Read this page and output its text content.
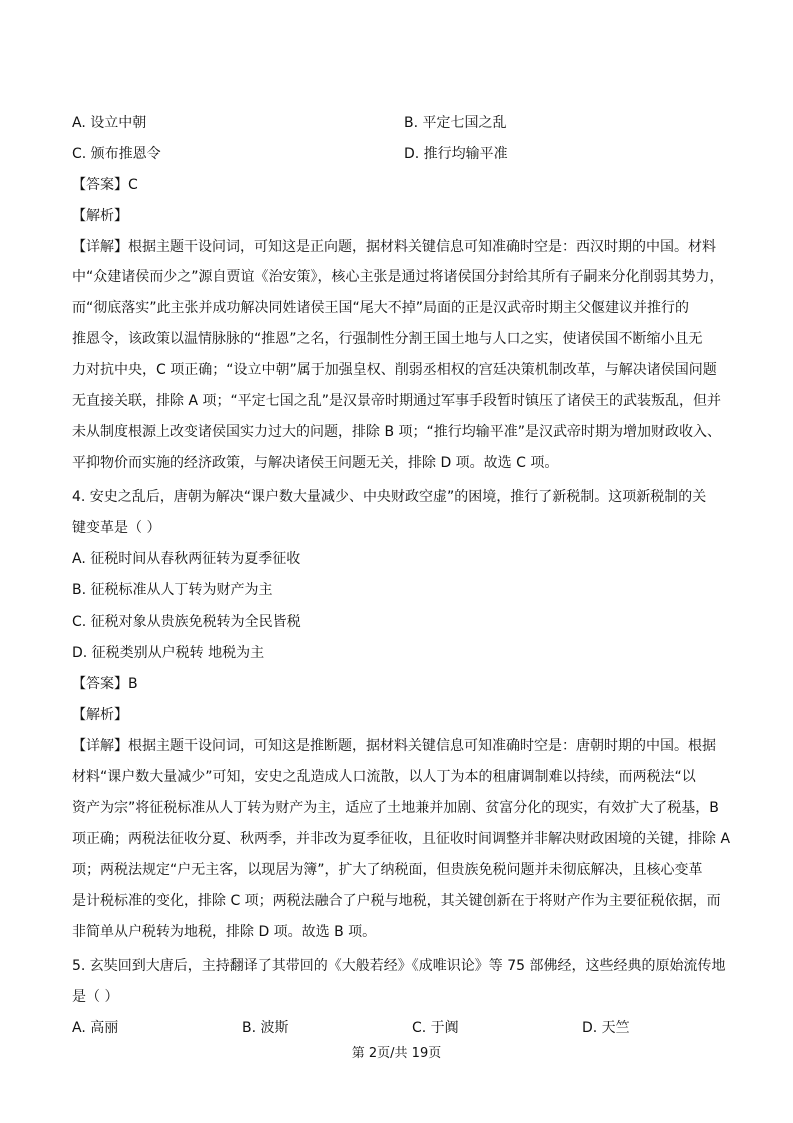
A. 设立中朝	B. 平定七国之乱
C. 颁布推恩令	D. 推行均输平准
【答案】C
【解析】
【详解】根据主题干设问词，可知这是正向题，据材料关键信息可知准确时空是：西汉时期的中国。材料
中“众建诸侯而少之”源自贾谊《治安策》，核心主张是通过将诸侯国分封给其所有子嗣来分化削弱其势力，
而“彻底落实”此主张并成功解决同姓诸侯王国“尾大不掉”局面的正是汉武帝时期主父偃建议并推行的
推恩令，该政策以温情脉脉的“推恩”之名，行强制性分割王国土地与人口之实，使诸侯国不断缩小且无
力对抗中央，C 项正确；“设立中朝”属于加强皇权、削弱丞相权的宫廷决策机制改革，与解决诸侯国问题
无直接关联，排除 A 项；“平定七国之乱”是汉景帝时期通过军事手段暂时镇压了诸侯王的武装叛乱，但并
未从制度根源上改变诸侯国实力过大的问题，排除 B 项；“推行均输平准”是汉武帝时期为增加财政收入、
平抑物价而实施的经济政策，与解决诸侯王问题无关，排除 D 项。故选 C 项。
4. 安史之乱后，唐朝为解决“课户数大量减少、中央财政空虚”的困境，推行了新税制。这项新税制的关
键变革是（ ）
A. 征税时间从春秋两征转为夏季征收
B. 征税标准从人丁转为财产为主
C. 征税对象从贵族免税转为全民皆税
D. 征税类别从户税转 地税为主
【答案】B
【解析】
【详解】根据主题干设问词，可知这是推断题，据材料关键信息可知准确时空是：唐朝时期的中国。根据
材料“课户数大量减少”可知，安史之乱造成人口流散，以人丁为本的租庸调制难以持续，而两税法“以
资产为宗”将征税标准从人丁转为财产为主，适应了土地兼并加剧、贫富分化的现实，有效扩大了税基，B
项正确；两税法征收分夏、秋两季，并非改为夏季征收，且征收时间调整并非解决财政困境的关键，排除 A
项；两税法规定“户无主客，以现居为簿”，扩大了纳税面，但贵族免税问题并未彻底解决，且核心变革
是计税标准的变化，排除 C 项；两税法融合了户税与地税，其关键创新在于将财产作为主要征税依据，而
非简单从户税转为地税，排除 D 项。故选 B 项。
5. 玄奘回到大唐后，主持翻译了其带回的《大般若经》《成唯识论》等 75 部佛经，这些经典的原始流传地
是（ ）
A. 高丽	B. 波斯	C. 于阗	D. 天竺
第 2页/共 19页
